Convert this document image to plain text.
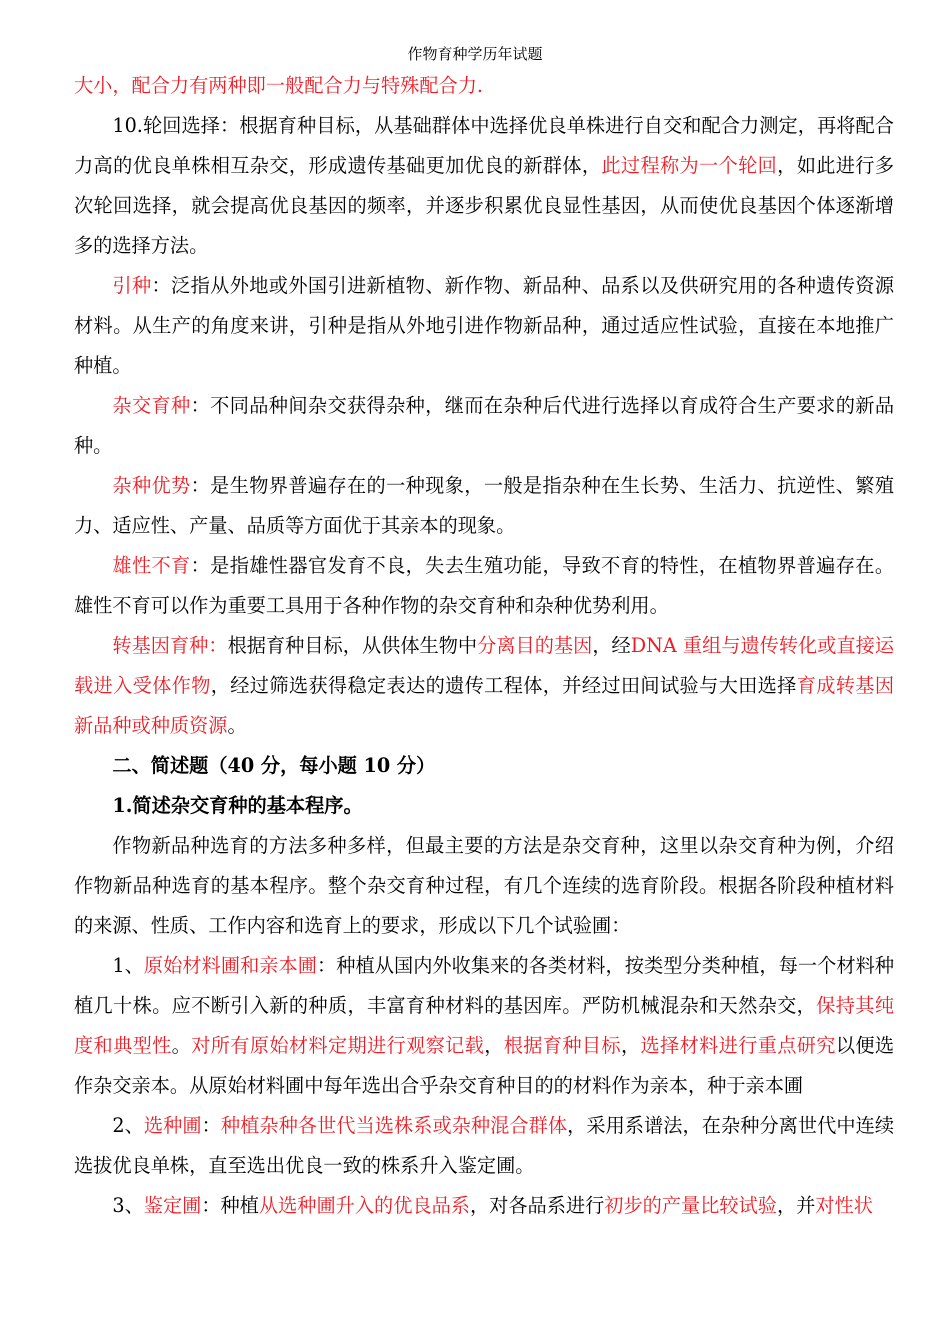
作物育种学历年试题

大小，配合力有两种即一般配合力与特殊配合力.

10.轮回选择：根据育种目标，从基础群体中选择优良单株进行自交和配合力测定，再将配合力高的优良单株相互杂交，形成遗传基础更加优良的新群体，此过程称为一个轮回，如此进行多次轮回选择，就会提高优良基因的频率，并逐步积累优良显性基因，从而使优良基因个体逐渐增多的选择方法。

引种：泛指从外地或外国引进新植物、新作物、新品种、品系以及供研究用的各种遗传资源材料。从生产的角度来讲，引种是指从外地引进作物新品种，通过适应性试验，直接在本地推广种植。

杂交育种：不同品种间杂交获得杂种，继而在杂种后代进行选择以育成符合生产要求的新品种。

杂种优势：是生物界普遍存在的一种现象，一般是指杂种在生长势、生活力、抗逆性、繁殖力、适应性、产量、品质等方面优于其亲本的现象。

雄性不育：是指雄性器官发育不良，失去生殖功能，导致不育的特性，在植物界普遍存在。雄性不育可以作为重要工具用于各种作物的杂交育种和杂种优势利用。

转基因育种：根据育种目标，从供体生物中分离目的基因，经DNA 重组与遗传转化或直接运载进入受体作物，经过筛选获得稳定表达的遗传工程体，并经过田间试验与大田选择育成转基因新品种或种质资源。

二、简述题（40 分，每小题 10 分）

1.简述杂交育种的基本程序。

作物新品种选育的方法多种多样，但最主要的方法是杂交育种，这里以杂交育种为例，介绍作物新品种选育的基本程序。整个杂交育种过程，有几个连续的选育阶段。根据各阶段种植材料的来源、性质、工作内容和选育上的要求，形成以下几个试验圃：

1、原始材料圃和亲本圃：种植从国内外收集来的各类材料，按类型分类种植，每一个材料种植几十株。应不断引入新的种质，丰富育种材料的基因库。严防机械混杂和天然杂交，保持其纯度和典型性。对所有原始材料定期进行观察记载，根据育种目标，选择材料进行重点研究以便选作杂交亲本。从原始材料圃中每年选出合乎杂交育种目的的材料作为亲本，种于亲本圃

2、选种圃：种植杂种各世代当选株系或杂种混合群体，采用系谱法，在杂种分离世代中连续选拔优良单株，直至选出优良一致的株系升入鉴定圃。

3、鉴定圃：种植从选种圃升入的优良品系，对各品系进行初步的产量比较试验，并对性状
